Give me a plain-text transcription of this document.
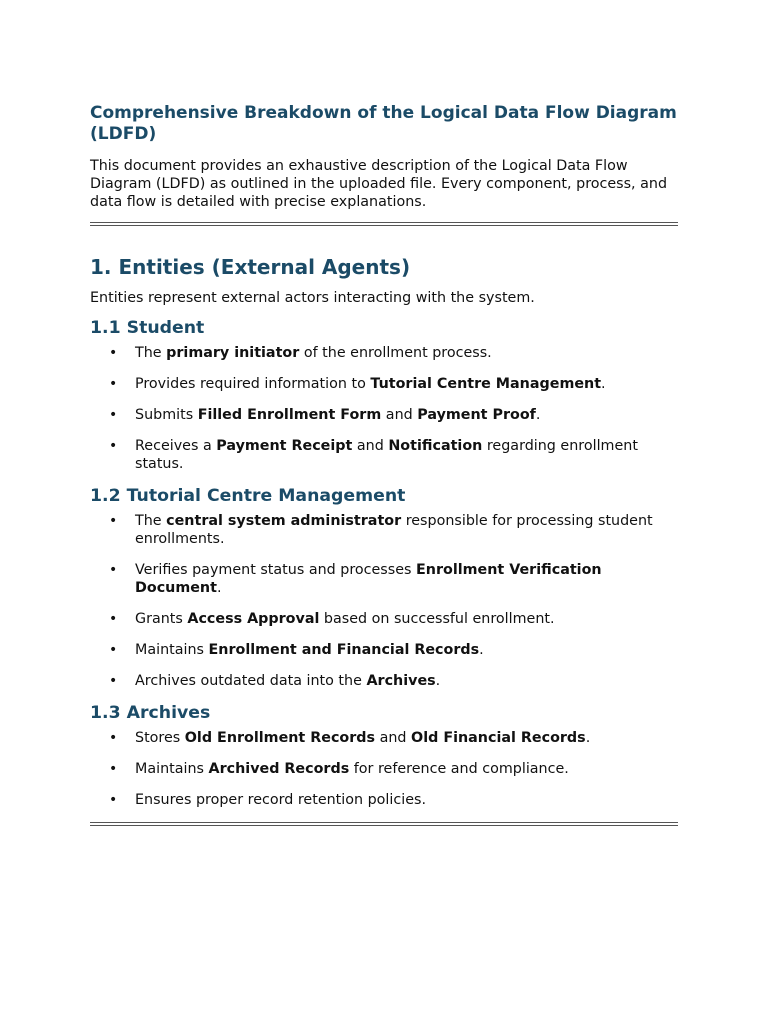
Comprehensive Breakdown of the Logical Data Flow Diagram (LDFD)

This document provides an exhaustive description of the Logical Data Flow Diagram (LDFD) as outlined in the uploaded file. Every component, process, and data flow is detailed with precise explanations.

1. Entities (External Agents)

Entities represent external actors interacting with the system.

1.1 Student
• The primary initiator of the enrollment process.
• Provides required information to Tutorial Centre Management.
• Submits Filled Enrollment Form and Payment Proof.
• Receives a Payment Receipt and Notification regarding enrollment status.
1.2 Tutorial Centre Management
• The central system administrator responsible for processing student enrollments.
• Verifies payment status and processes Enrollment Verification Document.
• Grants Access Approval based on successful enrollment.
• Maintains Enrollment and Financial Records.
• Archives outdated data into the Archives.
1.3 Archives
• Stores Old Enrollment Records and Old Financial Records.
• Maintains Archived Records for reference and compliance.
• Ensures proper record retention policies.
